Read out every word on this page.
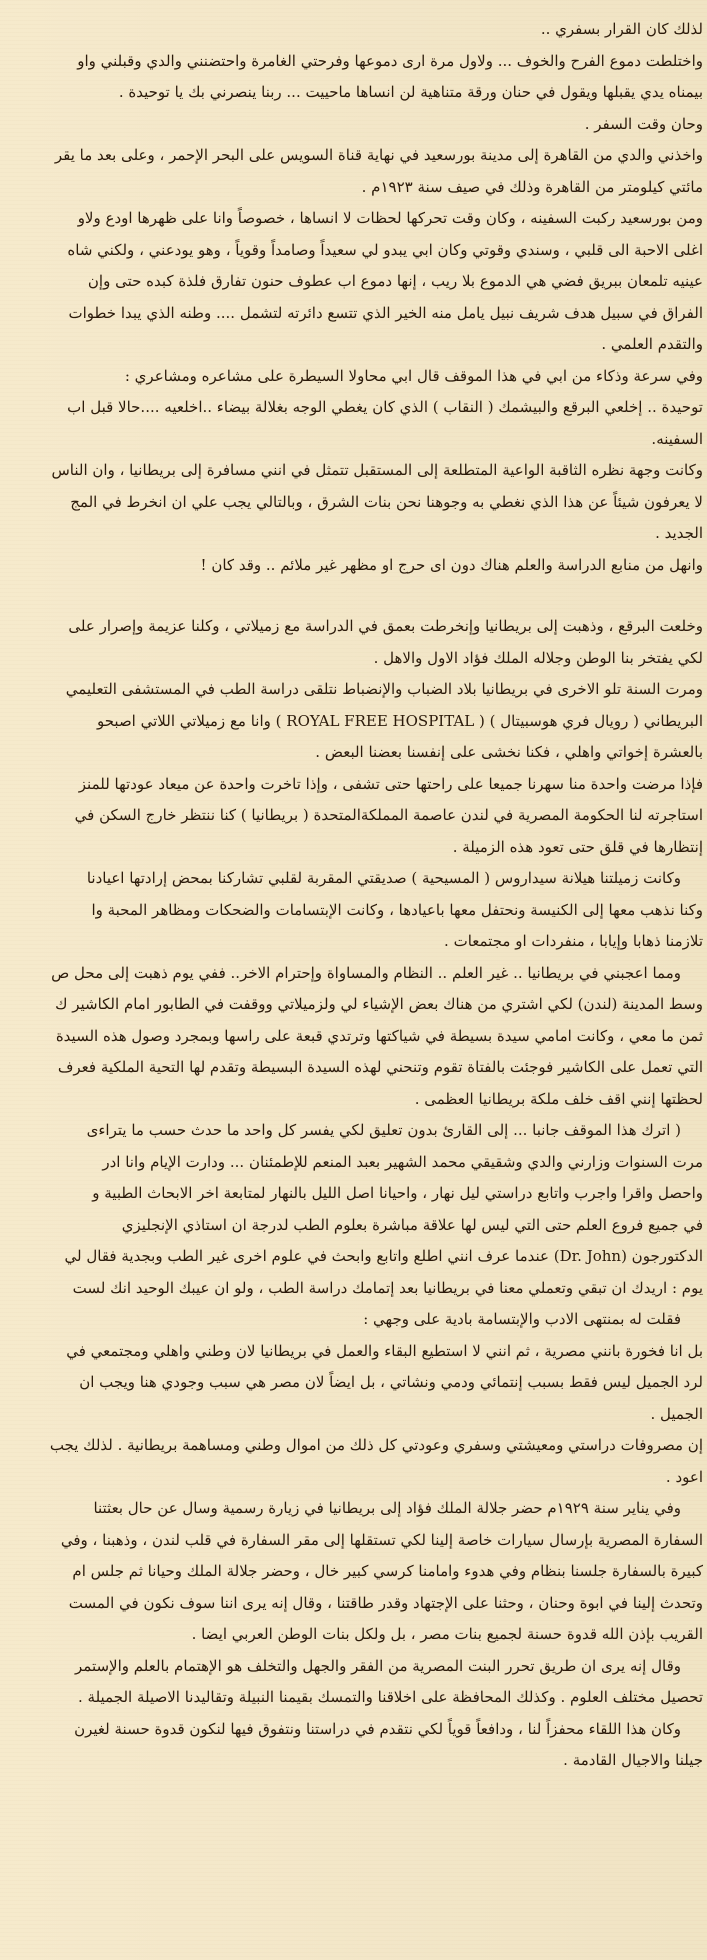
لذلك كان القرار بسفري ..
واختلطت دموع الفرح والخوف ... ولاول مرة ارى دموعها وفرحتي الغامرة واحتضنني والدي وقبلني واو
بيمناه يدي يقبلها ويقول في حنان ورقة متناهية لن انساها ماحييت ... ربنا ينصرني بك يا توحيدة .
وحان وقت السفر .
واخذني والدي من القاهرة إلى مدينة بورسعيد في نهاية قناة السويس على البحر الإحمر ، وعلى بعد ما يقر
مائتي كيلومتر من القاهرة وذلك في صيف سنة ١٩٢٣م .
ومن بورسعيد ركبت السفينه ، وكان وقت تحركها لحظات لا انساها ، خصوصاً وانا على ظهرها اودع ولاو
اغلى الاحبة الى قلبي ، وسندي وقوتي وكان ابي يبدو لي سعيداً وصامداً وقوياً ، وهو يودعني ، ولكني شاه
عينيه تلمعان ببريق فضي هي الدموع بلا ريب ، إنها دموع اب عطوف حنون تفارق فلذة كبده حتى وإن
الفراق في سبيل هدف شريف نبيل يامل منه الخير الذي تتسع دائرته لتشمل .... وطنه الذي يبدا خطوات
والتقدم العلمي .
وفي سرعة وذكاء من ابي في هذا الموقف قال ابي محاولا السيطرة على مشاعره ومشاعري :
توحيدة .. إخلعي البرقع والبيشمك ( النقاب ) الذي كان يغطي الوجه بغلالة بيضاء ..اخلعيه ....حالا قبل اب
السفينه.
وكانت وجهة نظره الثاقبة الواعية المتطلعة إلى المستقبل تتمثل في انني مسافرة إلى بريطانيا ، وان الناس
لا يعرفون شيئاً عن هذا الذي نغطي به وجوهنا نحن بنات الشرق ، وبالتالي يجب علي ان انخرط في المج
الجديد .
وانهل من منابع الدراسة والعلم هناك دون اى حرج او مظهر غير ملائم .. وقد كان !
وخلعت البرقع ، وذهبت إلى بريطانيا وإنخرطت بعمق في الدراسة مع زميلاتي ، وكلنا عزيمة وإصرار على
لكي يفتخر بنا الوطن وجلاله الملك فؤاد الاول والاهل .
ومرت السنة تلو الاخرى في بريطانيا بلاد الضباب والإنضباط نتلقى دراسة الطب في المستشفى التعليمي
البريطاني ( رويال فري هوسبيتال ) ( ROYAL FREE HOSPITAL ) وانا مع زميلاتي اللاتي اصبحو
بالعشرة إخواتي واهلي ، فكنا نخشى على إنفسنا بعضنا البعض .
فإذا مرضت واحدة منا سهرنا جميعا على راحتها حتى تشفى ، وإذا تاخرت واحدة عن ميعاد عودتها للمنز
استاجرته لنا الحكومة المصرية في لندن عاصمة المملكةالمتحدة ( بريطانيا ) كنا ننتظر خارج السكن في
إنتظارها في قلق حتى تعود هذه الزميلة .
وكانت زميلتنا هيلانة سيداروس ( المسيحية ) صديقتي المقربة لقلبي تشاركنا بمحض إرادتها اعيادنا
وكنا نذهب معها إلى الكنيسة ونحتفل معها باعيادها ، وكانت الإبتسامات والضحكات ومظاهر المحبة وا
تلازمنا ذهابا وإيابا ، منفردات او مجتمعات .
ومما اعجبني في بريطانيا .. غير العلم .. النظام والمساواة وإحترام الاخر.. ففي يوم ذهبت إلى محل ص
وسط المدينة (لندن) لكي اشتري من هناك بعض الإشياء لي ولزميلاتي ووقفت في الطابور امام الكاشير ك
ثمن ما معي ، وكانت امامي سيدة بسيطة في شياكتها وترتدي قبعة على راسها وبمجرد وصول هذه السيدة
التي تعمل على الكاشير فوجئت بالفتاة تقوم وتنحني لهذه السيدة البسيطة وتقدم لها التحية الملكية فعرف
لحظتها إنني اقف خلف ملكة بريطانيا العظمى .
( اترك هذا الموقف جانبا ... إلى القارئ بدون تعليق لكي يفسر كل واحد ما حدث حسب ما يتراءى
مرت السنوات وزارني والدي وشقيقي محمد الشهير بعبد المنعم للإطمئنان ... ودارت الإيام وانا ادر
واحصل واقرا واجرب واتابع دراستي ليل نهار ، واحيانا اصل الليل بالنهار لمتابعة اخر الابحاث الطبية و
في جميع فروع العلم حتى التي ليس لها علاقة مباشرة بعلوم الطب لدرجة ان استاذي الإنجليزي
الدكتورجون (Dr. John) عندما عرف انني اطلع واتابع وابحث في علوم اخرى غير الطب وبجدية فقال لي
يوم : اريدك ان تبقي وتعملي معنا في بريطانيا بعد إتمامك دراسة الطب ، ولو ان عيبك الوحيد انك لست
فقلت له بمنتهى الادب والإبتسامة بادية على وجهي :
بل انا فخورة بانني مصرية ، ثم انني لا استطيع البقاء والعمل في بريطانيا لان وطني واهلي ومجتمعي في
لرد الجميل ليس فقط بسبب إنتمائي ودمي ونشاتي ، بل ايضاً لان مصر هي سبب وجودي هنا ويجب ان
الجميل .
إن مصروفات دراستي ومعيشتي وسفري وعودتي كل ذلك من اموال وطني ومساهمة بريطانية . لذلك يجب
اعود .
وفي يناير سنة ١٩٢٩م حضر جلالة الملك فؤاد إلى بريطانيا في زيارة رسمية وسال عن حال بعثتنا
السفارة المصرية بإرسال سيارات خاصة إلينا لكي تستقلها إلى مقر السفارة في قلب لندن ، وذهبنا ، وفي
كبيرة بالسفارة جلسنا بنظام وفي هدوء وامامنا كرسي كبير خال ، وحضر جلالة الملك وحيانا ثم جلس ام
وتحدث إلينا في ابوة وحنان ، وحثنا على الإجتهاد وقدر طاقتنا ، وقال إنه يرى اننا سوف نكون في المست
القريب بإذن الله قدوة حسنة لجميع بنات مصر ، بل ولكل بنات الوطن العربي ايضا .
وقال إنه يرى ان طريق تحرر البنت المصرية من الفقر والجهل والتخلف هو الإهتمام بالعلم والإستمر
تحصيل مختلف العلوم . وكذلك المحافظة على اخلاقنا والتمسك بقيمنا النبيلة وتقاليدنا الاصيلة الجميلة .
وكان هذا اللقاء محفزاً لنا ، ودافعاً قوياً لكي نتقدم في دراستنا ونتفوق فيها لنكون قدوة حسنة لغيرن
جيلنا والاجيال القادمة .
